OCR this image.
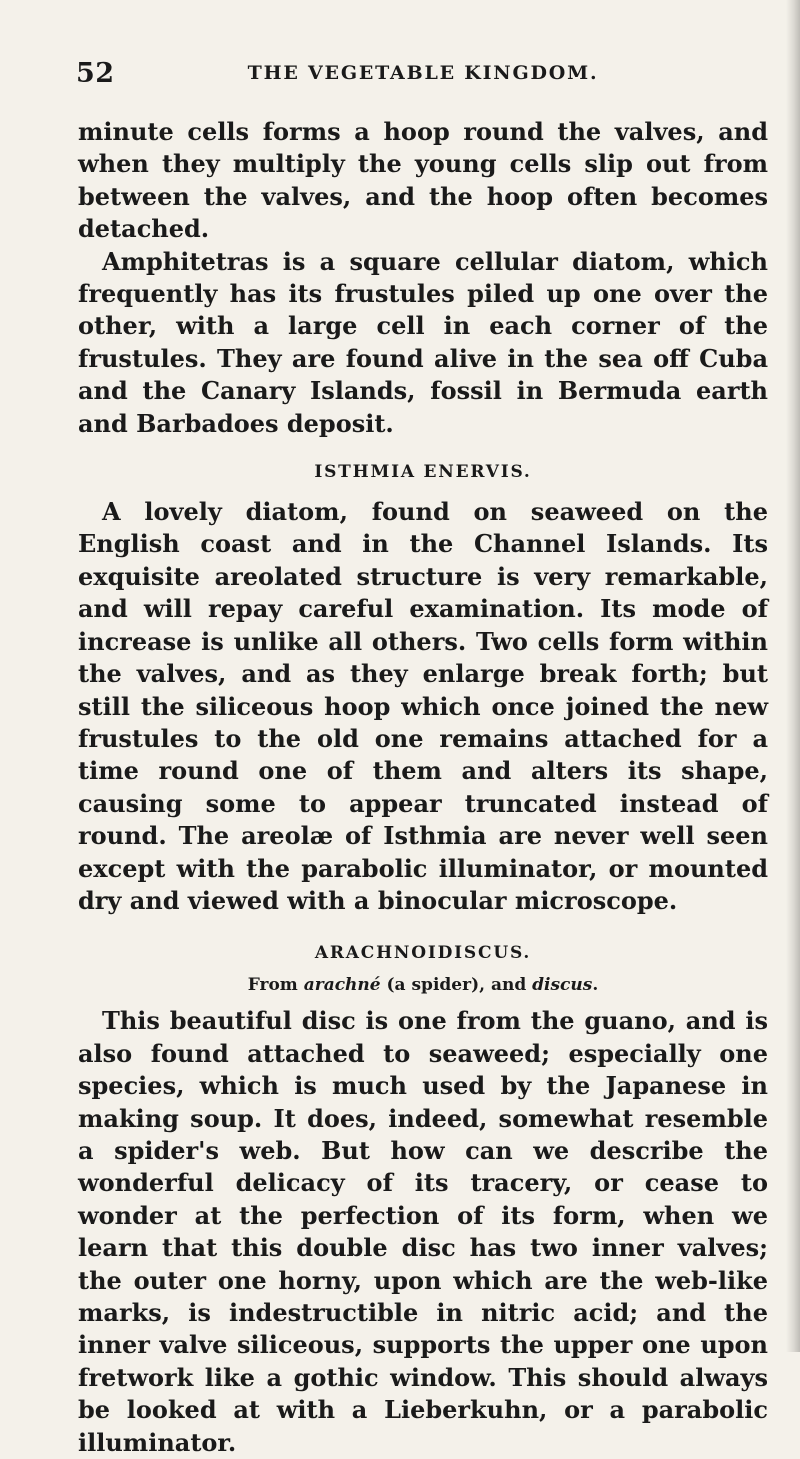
52	THE VEGETABLE KINGDOM.

minute cells forms a hoop round the valves, and when they multiply the young cells slip out from between the valves, and the hoop often becomes detached.

Amphitetras is a square cellular diatom, which frequently has its frustules piled up one over the other, with a large cell in each corner of the frustules. They are found alive in the sea off Cuba and the Canary Islands, fossil in Bermuda earth and Barbadoes deposit.

ISTHMIA ENERVIS.

A lovely diatom, found on seaweed on the English coast and in the Channel Islands. Its exquisite areolated structure is very remarkable, and will repay careful examination. Its mode of increase is unlike all others. Two cells form within the valves, and as they enlarge break forth; but still the siliceous hoop which once joined the new frustules to the old one remains attached for a time round one of them and alters its shape, causing some to appear truncated instead of round. The areolæ of Isthmia are never well seen except with the parabolic illuminator, or mounted dry and viewed with a binocular microscope.

ARACHNOIDISCUS.

From arachné (a spider), and discus.

This beautiful disc is one from the guano, and is also found attached to seaweed; especially one species, which is much used by the Japanese in making soup. It does, indeed, somewhat resemble a spider's web. But how can we describe the wonderful delicacy of its tracery, or cease to wonder at the perfection of its form, when we learn that this double disc has two inner valves; the outer one horny, upon which are the web-like marks, is indestructible in nitric acid; and the inner valve siliceous, supports the upper one upon fretwork like a gothic window. This should always be looked at with a Lieberkuhn, or a parabolic illuminator.
